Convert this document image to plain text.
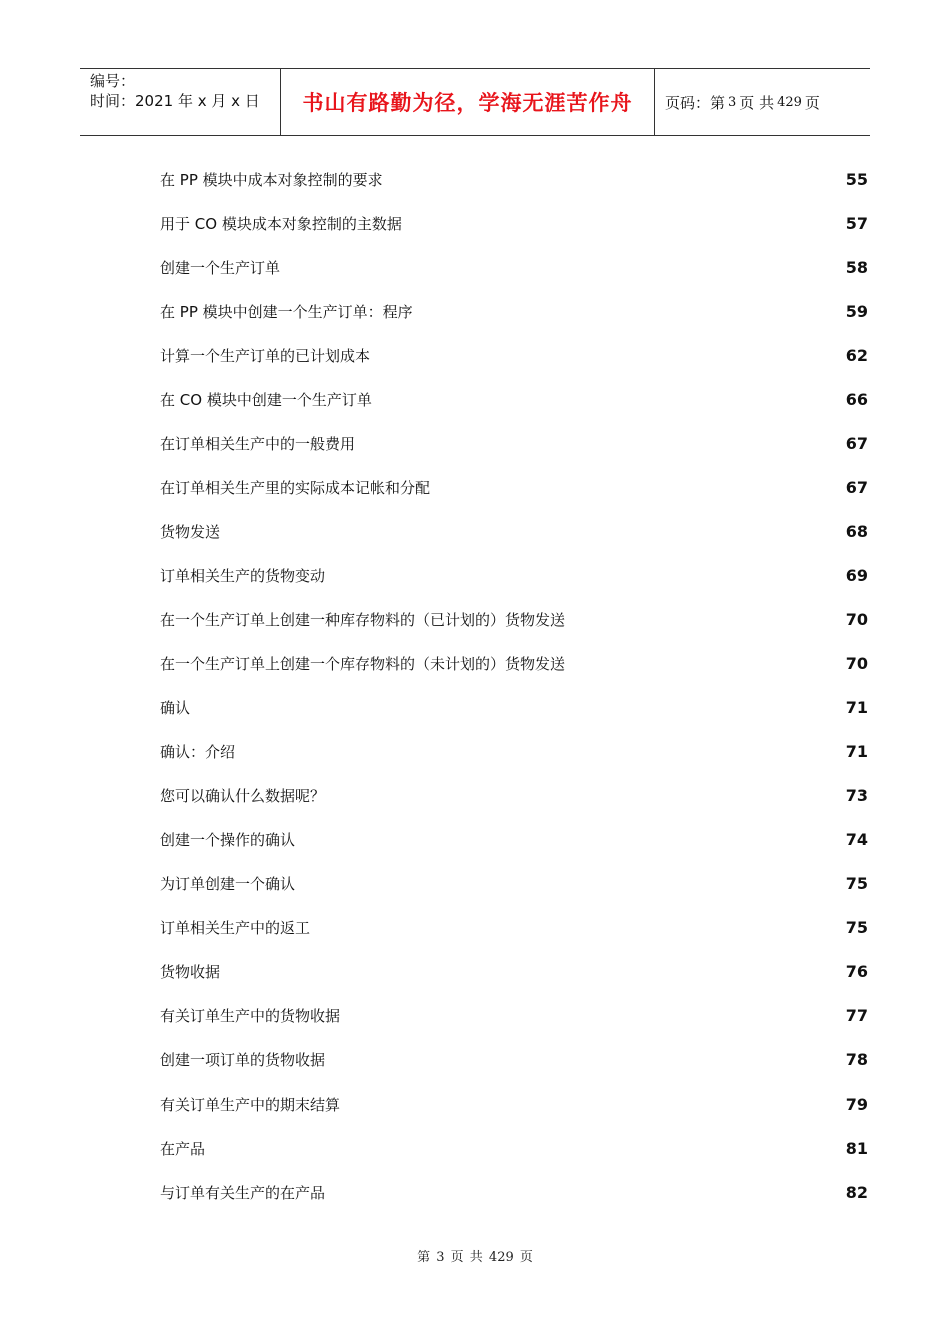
编号：
时间：2021 年 x 月 x 日	书山有路勤为径，学海无涯苦作舟	页码：第 3 页 共 429 页
在 PP 模块中成本对象控制的要求	55
用于 CO 模块成本对象控制的主数据	57
创建一个生产订单	58
在 PP 模块中创建一个生产订单：程序	59
计算一个生产订单的已计划成本	62
在 CO 模块中创建一个生产订单	66
在订单相关生产中的一般费用	67
在订单相关生产里的实际成本记帐和分配	67
货物发送	68
订单相关生产的货物变动	69
在一个生产订单上创建一种库存物料的（已计划的）货物发送	70
在一个生产订单上创建一个库存物料的（未计划的）货物发送	70
确认	71
确认：介绍	71
您可以确认什么数据呢？	73
创建一个操作的确认	74
为订单创建一个确认	75
订单相关生产中的返工	75
货物收据	76
有关订单生产中的货物收据	77
创建一项订单的货物收据	78
有关订单生产中的期末结算	79
在产品	81
与订单有关生产的在产品	82
第 3 页 共 429 页
